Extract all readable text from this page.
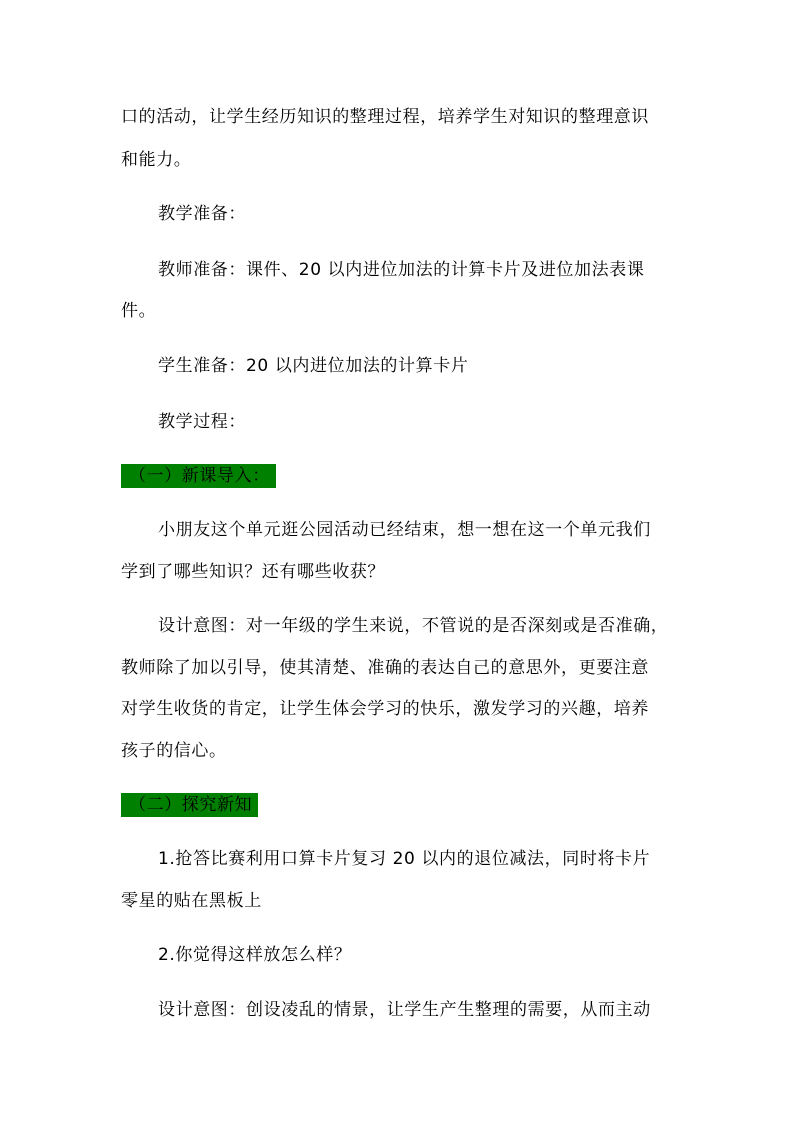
口的活动，让学生经历知识的整理过程，培养学生对知识的整理意识
和能力。
教学准备：
教师准备：课件、20 以内进位加法的计算卡片及进位加法表课
件。
学生准备：20 以内进位加法的计算卡片
教学过程：
（一）新课导入：
小朋友这个单元逛公园活动已经结束，想一想在这一个单元我们
学到了哪些知识？还有哪些收获？
设计意图：对一年级的学生来说，不管说的是否深刻或是否准确，
教师除了加以引导，使其清楚、准确的表达自己的意思外，更要注意
对学生收货的肯定，让学生体会学习的快乐，激发学习的兴趣，培养
孩子的信心。
（二）探究新知
1.抢答比赛利用口算卡片复习 20 以内的退位减法，同时将卡片
零星的贴在黑板上
2.你觉得这样放怎么样？
设计意图：创设凌乱的情景，让学生产生整理的需要，从而主动
